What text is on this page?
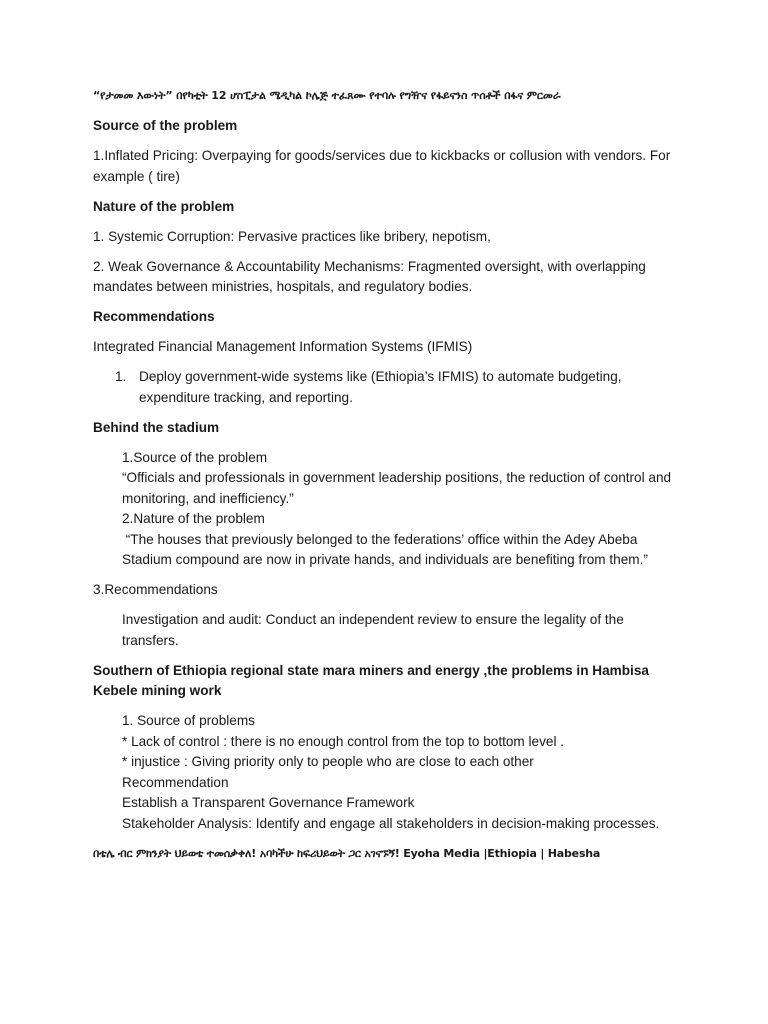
“የታመመ እውነት” በየካቲት 12 ሆስፒታል ሜዲካል ኮሌጅ ተፈጸሙ የተባሉ የግዥና የፋይናንስ ጥሰቶች በፋና ምርመራ

Source of the problem

1.Inflated Pricing: Overpaying for goods/services due to kickbacks or collusion with vendors. For example ( tire)

Nature of the problem

1. Systemic Corruption: Pervasive practices like bribery, nepotism,

2. Weak Governance & Accountability Mechanisms: Fragmented oversight, with overlapping mandates between ministries, hospitals, and regulatory bodies.

Recommendations

Integrated Financial Management Information Systems (IFMIS)

1. Deploy government-wide systems like (Ethiopia’s IFMIS) to automate budgeting, expenditure tracking, and reporting.

Behind the stadium

1.Source of the problem

“Officials and professionals in government leadership positions, the reduction of control and monitoring, and inefficiency.”

2.Nature of the problem

“The houses that previously belonged to the federations’ office within the Adey Abeba Stadium compound are now in private hands, and individuals are benefiting from them.”

3.Recommendations

Investigation and audit: Conduct an independent review to ensure the legality of the transfers.

Southern of Ethiopia regional state mara miners and energy ,the problems in Hambisa Kebele mining work

1. Source of problems

* Lack of control : there is no enough control from the top to bottom level .

* injustice : Giving priority only to people who are close to each other

Recommendation

Establish a Transparent Governance Framework

Stakeholder Analysis: Identify and engage all stakeholders in decision-making processes.

በቴሌ ብር ምክንያት ህይወቴ ተመሰቃቀለ! አባካችሁ ከፍሪህይወት ጋር አገናኙኝ! Eyoha Media |Ethiopia | Habesha
